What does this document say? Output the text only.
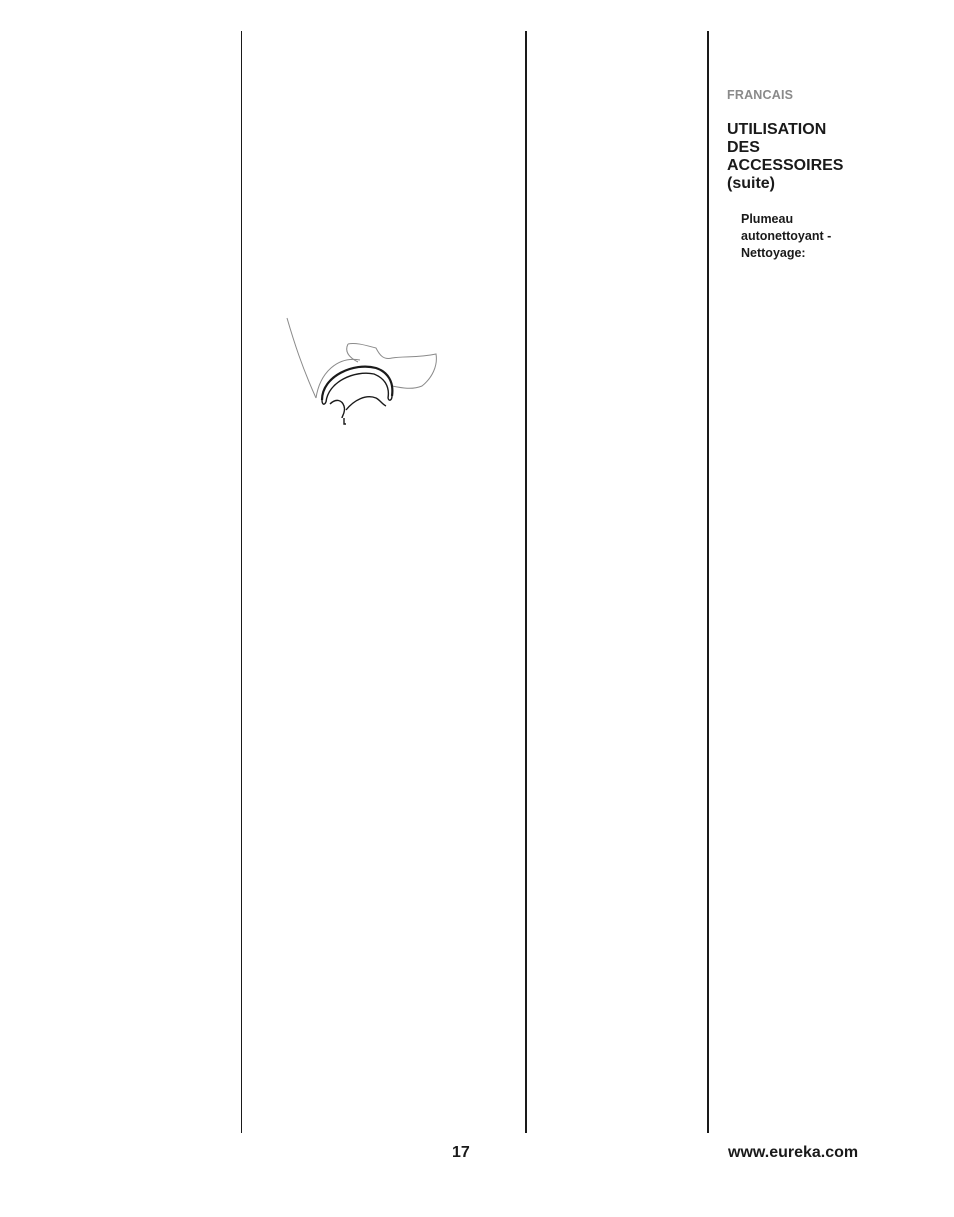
FRANCAIS
UTILISATION
DES
ACCESSOIRES
(suite)
Plumeau
autonettoyant -
Nettoyage:
17	www.eureka.com
